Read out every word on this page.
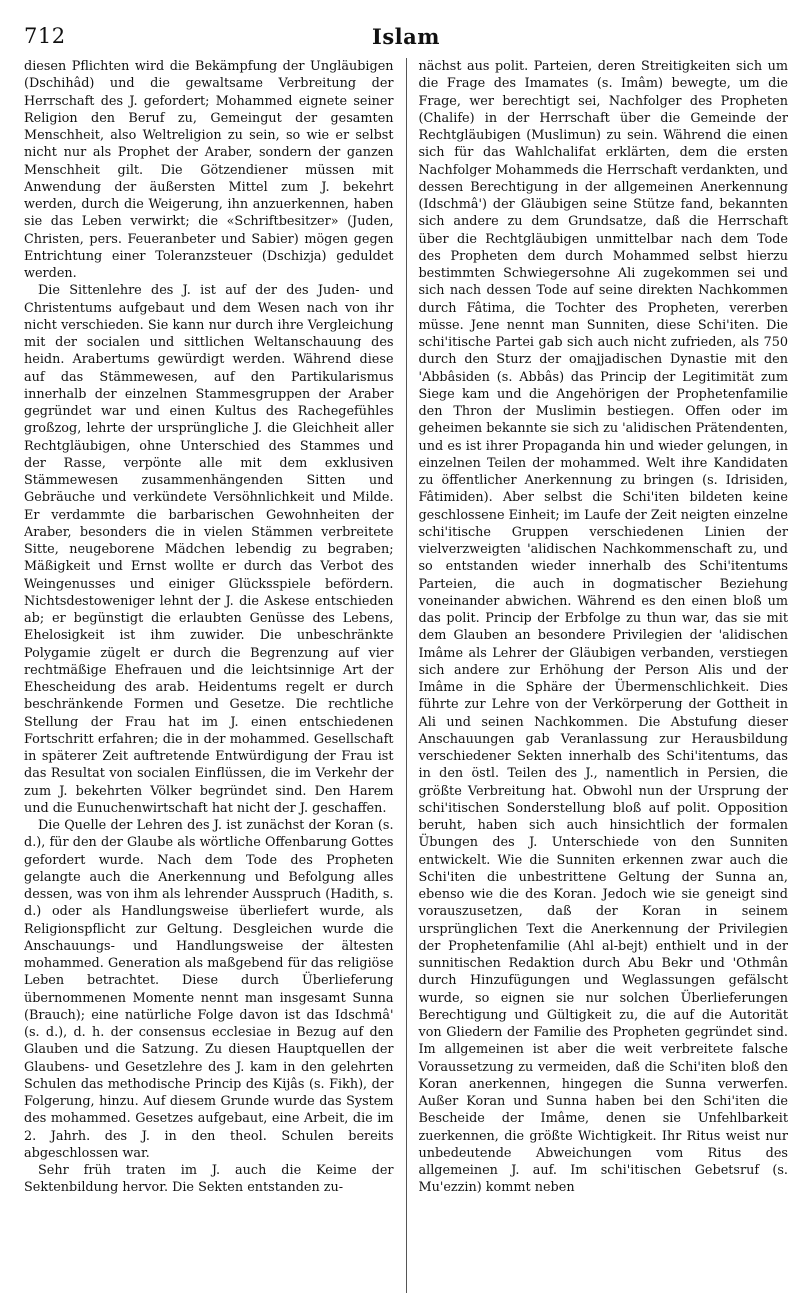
712	Islam

diesen Pflichten wird die Bekämpfung der Ungläubigen (Dschihâd) und die gewaltsame Verbreitung der Herrschaft des J. gefordert; Mohammed eignete seiner Religion den Beruf zu, Gemeingut der gesamten Menschheit, also Weltreligion zu sein, so wie er selbst nicht nur als Prophet der Araber, sondern der ganzen Menschheit gilt. Die Götzendiener müssen mit Anwendung der äußersten Mittel zum J. bekehrt werden, durch die Weigerung, ihn anzuerkennen, haben sie das Leben verwirkt; die «Schriftbesitzer» (Juden, Christen, pers. Feueranbeter und Sabier) mögen gegen Entrichtung einer Toleranzsteuer (Dschizja) geduldet werden.

Die Sittenlehre des J. ist auf der des Juden- und Christentums aufgebaut und dem Wesen nach von ihr nicht verschieden. Sie kann nur durch ihre Vergleichung mit der socialen und sittlichen Weltanschauung des heidn. Arabertums gewürdigt werden. Während diese auf das Stämmewesen, auf den Partikularismus innerhalb der einzelnen Stammesgruppen der Araber gegründet war und einen Kultus des Rachegefühles großzog, lehrte der ursprüngliche J. die Gleichheit aller Rechtgläubigen, ohne Unterschied des Stammes und der Rasse, verpönte alle mit dem exklusiven Stämmewesen zusammenhängenden Sitten und Gebräuche und verkündete Versöhnlichkeit und Milde. Er verdammte die barbarischen Gewohnheiten der Araber, besonders die in vielen Stämmen verbreitete Sitte, neugeborene Mädchen lebendig zu begraben; Mäßigkeit und Ernst wollte er durch das Verbot des Weingenusses und einiger Glücksspiele befördern. Nichtsdestoweniger lehnt der J. die Askese entschieden ab; er begünstigt die erlaubten Genüsse des Lebens, Ehelosigkeit ist ihm zuwider. Die unbeschränkte Polygamie zügelt er durch die Begrenzung auf vier rechtmäßige Ehefrauen und die leichtsinnige Art der Ehescheidung des arab. Heidentums regelt er durch beschränkende Formen und Gesetze. Die rechtliche Stellung der Frau hat im J. einen entschiedenen Fortschritt erfahren; die in der mohammed. Gesellschaft in späterer Zeit auftretende Entwürdigung der Frau ist das Resultat von socialen Einflüssen, die im Verkehr der zum J. bekehrten Völker begründet sind. Den Harem und die Eunuchenwirtschaft hat nicht der J. geschaffen.

Die Quelle der Lehren des J. ist zunächst der Koran (s. d.), für den der Glaube als wörtliche Offenbarung Gottes gefordert wurde. Nach dem Tode des Propheten gelangte auch die Anerkennung und Befolgung alles dessen, was von ihm als lehrender Ausspruch (Hadith, s. d.) oder als Handlungsweise überliefert wurde, als Religionspflicht zur Geltung. Desgleichen wurde die Anschauungs- und Handlungsweise der ältesten mohammed. Generation als maßgebend für das religiöse Leben betrachtet. Diese durch Überlieferung übernommenen Momente nennt man insgesamt Sunna (Brauch); eine natürliche Folge davon ist das Idschmâ' (s. d.), d. h. der consensus ecclesiae in Bezug auf den Glauben und die Satzung. Zu diesen Hauptquellen der Glaubens- und Gesetzlehre des J. kam in den gelehrten Schulen das methodische Princip des Kijâs (s. Fikh), der Folgerung, hinzu. Auf diesem Grunde wurde das System des mohammed. Gesetzes aufgebaut, eine Arbeit, die im 2. Jahrh. des J. in den theol. Schulen bereits abgeschlossen war.

Sehr früh traten im J. auch die Keime der Sektenbildung hervor. Die Sekten entstanden zu-

nächst aus polit. Parteien, deren Streitigkeiten sich um die Frage des Imamates (s. Imâm) bewegte, um die Frage, wer berechtigt sei, Nachfolger des Propheten (Chalife) in der Herrschaft über die Gemeinde der Rechtgläubigen (Muslimun) zu sein. Während die einen sich für das Wahlchalifat erklärten, dem die ersten Nachfolger Mohammeds die Herrschaft verdankten, und dessen Berechtigung in der allgemeinen Anerkennung (Idschmâ') der Gläubigen seine Stütze fand, bekannten sich andere zu dem Grundsatze, daß die Herrschaft über die Rechtgläubigen unmittelbar nach dem Tode des Propheten dem durch Mohammed selbst hierzu bestimmten Schwiegersohne Ali zugekommen sei und sich nach dessen Tode auf seine direkten Nachkommen durch Fâtima, die Tochter des Propheten, vererben müsse. Jene nennt man Sunniten, diese Schi'iten. Die schi'itische Partei gab sich auch nicht zufrieden, als 750 durch den Sturz der omajjadischen Dynastie mit den 'Abbâsiden (s. Abbâs) das Princip der Legitimität zum Siege kam und die Angehörigen der Prophetenfamilie den Thron der Muslimin bestiegen. Offen oder im geheimen bekannte sie sich zu 'alidischen Prätendenten, und es ist ihrer Propaganda hin und wieder gelungen, in einzelnen Teilen der mohammed. Welt ihre Kandidaten zu öffentlicher Anerkennung zu bringen (s. Idrisiden, Fâtimiden). Aber selbst die Schi'iten bildeten keine geschlossene Einheit; im Laufe der Zeit neigten einzelne schi'itische Gruppen verschiedenen Linien der vielverzweigten 'alidischen Nachkommenschaft zu, und so entstanden wieder innerhalb des Schi'itentums Parteien, die auch in dogmatischer Beziehung voneinander abwichen. Während es den einen bloß um das polit. Princip der Erbfolge zu thun war, das sie mit dem Glauben an besondere Privilegien der 'alidischen Imâme als Lehrer der Gläubigen verbanden, verstiegen sich andere zur Erhöhung der Person Alis und der Imâme in die Sphäre der Übermenschlichkeit. Dies führte zur Lehre von der Verkörperung der Gottheit in Ali und seinen Nachkommen. Die Abstufung dieser Anschauungen gab Veranlassung zur Herausbildung verschiedener Sekten innerhalb des Schi'itentums, das in den östl. Teilen des J., namentlich in Persien, die größte Verbreitung hat. Obwohl nun der Ursprung der schi'itischen Sonderstellung bloß auf polit. Opposition beruht, haben sich auch hinsichtlich der formalen Übungen des J. Unterschiede von den Sunniten entwickelt. Wie die Sunniten erkennen zwar auch die Schi'iten die unbestrittene Geltung der Sunna an, ebenso wie die des Koran. Jedoch wie sie geneigt sind vorauszusetzen, daß der Koran in seinem ursprünglichen Text die Anerkennung der Privilegien der Prophetenfamilie (Ahl al-bejt) enthielt und in der sunnitischen Redaktion durch Abu Bekr und 'Othmân durch Hinzufügungen und Weglassungen gefälscht wurde, so eignen sie nur solchen Überlieferungen Berechtigung und Gültigkeit zu, die auf die Autorität von Gliedern der Familie des Propheten gegründet sind. Im allgemeinen ist aber die weit verbreitete falsche Voraussetzung zu vermeiden, daß die Schi'iten bloß den Koran anerkennen, hingegen die Sunna verwerfen. Außer Koran und Sunna haben bei den Schi'iten die Bescheide der Imâme, denen sie Unfehlbarkeit zuerkennen, die größte Wichtigkeit. Ihr Ritus weist nur unbedeutende Abweichungen vom Ritus des allgemeinen J. auf. Im schi'itischen Gebetsruf (s. Mu'ezzin) kommt neben
